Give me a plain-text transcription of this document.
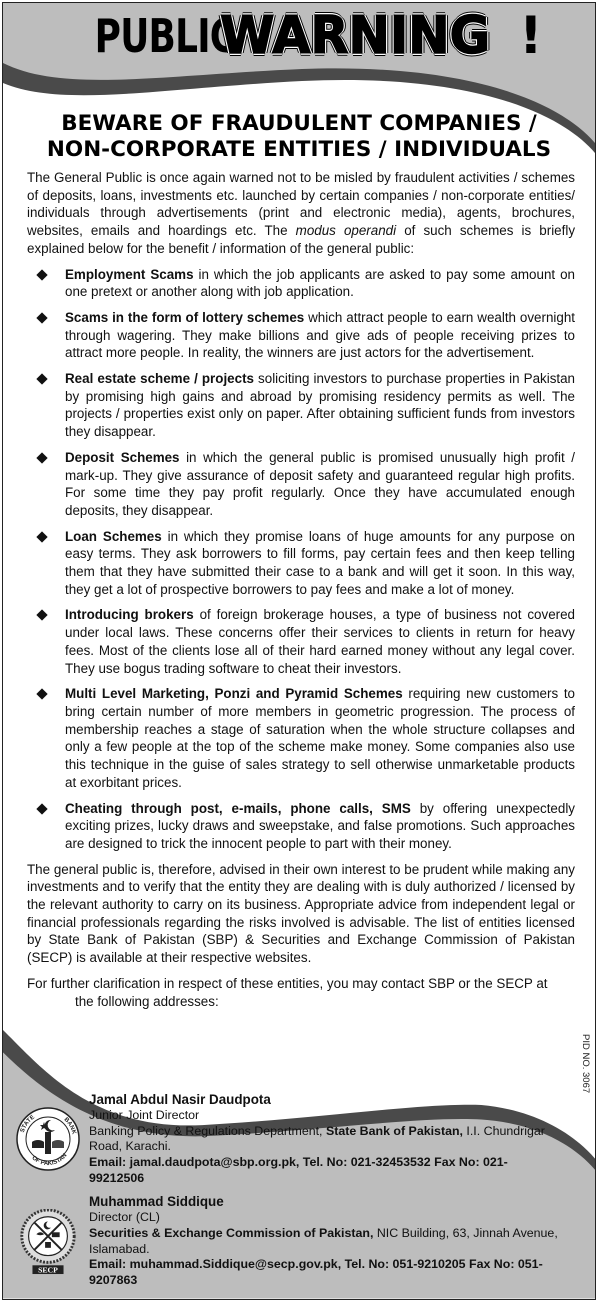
PUBLIC WARNING !
BEWARE OF FRAUDULENT COMPANIES /
NON-CORPORATE ENTITIES / INDIVIDUALS

The General Public is once again warned not to be misled by fraudulent activities / schemes of deposits, loans, investments etc. launched by certain companies / non-corporate entities/ individuals through advertisements (print and electronic media), agents, brochures, websites, emails and hoardings etc. The modus operandi of such schemes is briefly explained below for the benefit / information of the general public:

Employment Scams in which the job applicants are asked to pay some amount on one pretext or another along with job application.
Scams in the form of lottery schemes which attract people to earn wealth overnight through wagering. They make billions and give ads of people receiving prizes to attract more people. In reality, the winners are just actors for the advertisement.
Real estate scheme / projects soliciting investors to purchase properties in Pakistan by promising high gains and abroad by promising residency permits as well. The projects / properties exist only on paper. After obtaining sufficient funds from investors they disappear.
Deposit Schemes in which the general public is promised unusually high profit / mark-up. They give assurance of deposit safety and guaranteed regular high profits. For some time they pay profit regularly. Once they have accumulated enough deposits, they disappear.
Loan Schemes in which they promise loans of huge amounts for any purpose on easy terms. They ask borrowers to fill forms, pay certain fees and then keep telling them that they have submitted their case to a bank and will get it soon. In this way, they get a lot of prospective borrowers to pay fees and make a lot of money.
Introducing brokers of foreign brokerage houses, a type of business not covered under local laws. These concerns offer their services to clients in return for heavy fees. Most of the clients lose all of their hard earned money without any legal cover. They use bogus trading software to cheat their investors.
Multi Level Marketing, Ponzi and Pyramid Schemes requiring new customers to bring certain number of more members in geometric progression. The process of membership reaches a stage of saturation when the whole structure collapses and only a few people at the top of the scheme make money. Some companies also use this technique in the guise of sales strategy to sell otherwise unmarketable products at exorbitant prices.
Cheating through post, e-mails, phone calls, SMS by offering unexpectedly exciting prizes, lucky draws and sweepstake, and false promotions. Such approaches are designed to trick the innocent people to part with their money.

The general public is, therefore, advised in their own interest to be prudent while making any investments and to verify that the entity they are dealing with is duly authorized / licensed by the relevant authority to carry on its business. Appropriate advice from independent legal or financial professionals regarding the risks involved is advisable. The list of entities licensed by State Bank of Pakistan (SBP) & Securities and Exchange Commission of Pakistan (SECP) is available at their respective websites.

For further clarification in respect of these entities, you may contact SBP or the SECP at
the following addresses:
PID NO. 3067
STATE	BANK
OF PAKISTAN
Jamal Abdul Nasir Daudpota
Junior Joint Director
Banking Policy & Regulations Department, State Bank of Pakistan, I.I. Chundrigar Road, Karachi.
Email: jamal.daudpota@sbp.org.pk, Tel. No: 021-32453532 Fax No: 021-99212506
SECP
Muhammad Siddique
Director (CL)
Securities & Exchange Commission of Pakistan, NIC Building, 63, Jinnah Avenue, Islamabad.
Email: muhammad.Siddique@secp.gov.pk, Tel. No: 051-9210205 Fax No: 051-9207863
